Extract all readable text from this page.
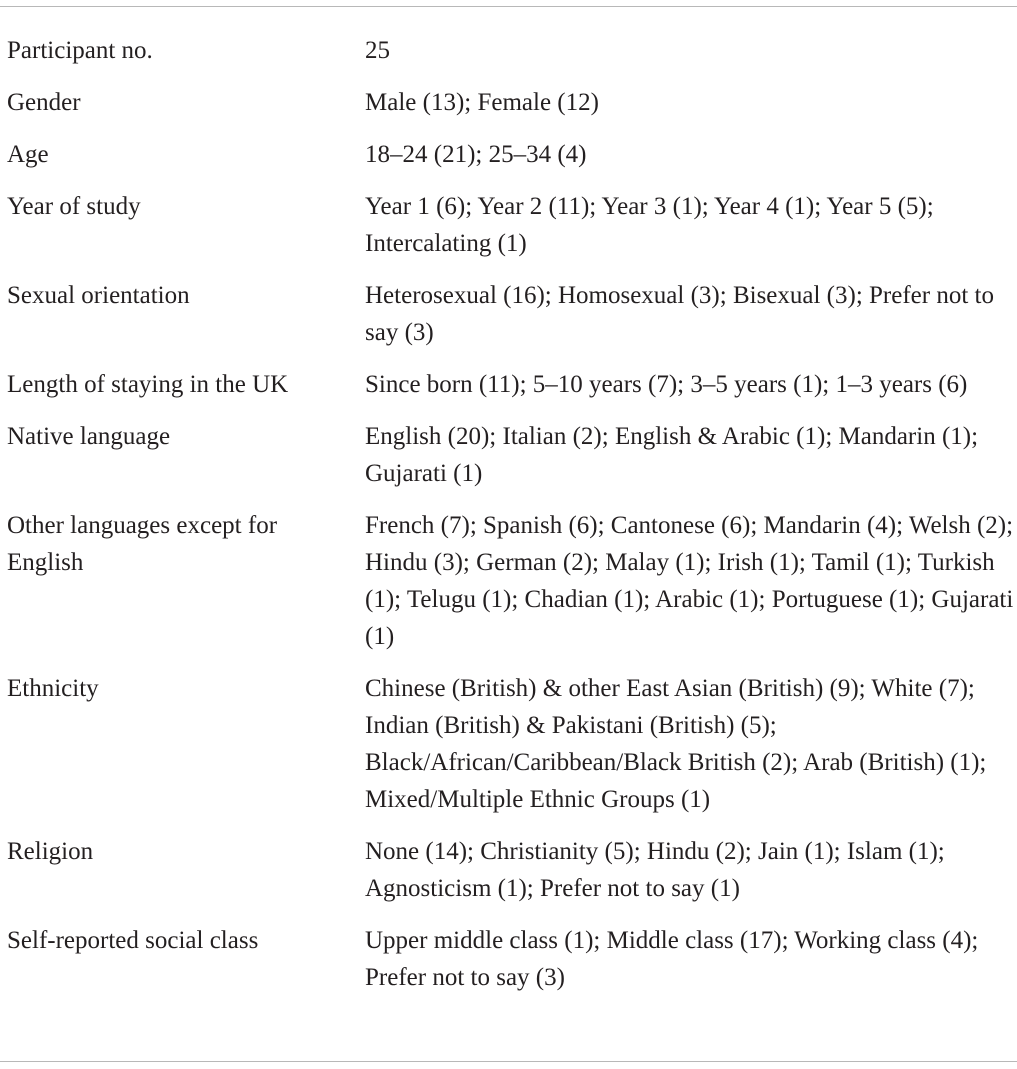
Participant no.	25
Gender	Male (13); Female (12)
Age	18–24 (21); 25–34 (4)
Year of study	Year 1 (6); Year 2 (11); Year 3 (1); Year 4 (1); Year 5 (5); Intercalating (1)
Sexual orientation	Heterosexual (16); Homosexual (3); Bisexual (3); Prefer not to say (3)
Length of staying in the UK	Since born (11); 5–10 years (7); 3–5 years (1); 1–3 years (6)
Native language	English (20); Italian (2); English & Arabic (1); Mandarin (1); Gujarati (1)
Other languages except for English	French (7); Spanish (6); Cantonese (6); Mandarin (4); Welsh (2); Hindu (3); German (2); Malay (1); Irish (1); Tamil (1); Turkish (1); Telugu (1); Chadian (1); Arabic (1); Portuguese (1); Gujarati (1)
Ethnicity	Chinese (British) & other East Asian (British) (9); White (7); Indian (British) & Pakistani (British) (5); Black/African/Caribbean/Black British (2); Arab (British) (1); Mixed/Multiple Ethnic Groups (1)
Religion	None (14); Christianity (5); Hindu (2); Jain (1); Islam (1); Agnosticism (1); Prefer not to say (1)
Self-reported social class	Upper middle class (1); Middle class (17); Working class (4); Prefer not to say (3)
